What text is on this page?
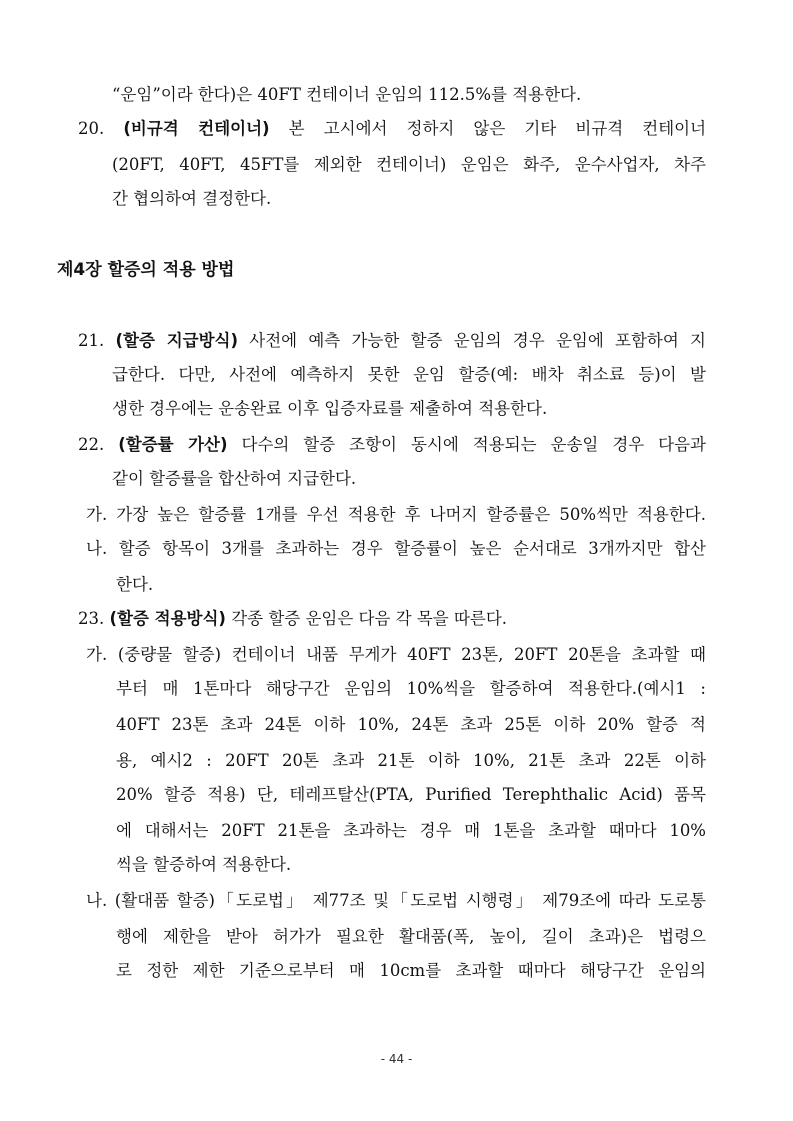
“운임”이라 한다)은 40FT 컨테이너 운임의 112.5%를 적용한다.
20. (비규격 컨테이너) 본 고시에서 정하지 않은 기타 비규격 컨테이너
(20FT, 40FT, 45FT를 제외한 컨테이너) 운임은 화주, 운수사업자, 차주
간 협의하여 결정한다.
제4장 할증의 적용 방법
21. (할증 지급방식) 사전에 예측 가능한 할증 운임의 경우 운임에 포함하여 지
급한다. 다만, 사전에 예측하지 못한 운임 할증(예: 배차 취소료 등)이 발
생한 경우에는 운송완료 이후 입증자료를 제출하여 적용한다.
22. (할증률 가산) 다수의 할증 조항이 동시에 적용되는 운송일 경우 다음과
같이 할증률을 합산하여 지급한다.
가. 가장 높은 할증률 1개를 우선 적용한 후 나머지 할증률은 50%씩만 적용한다.
나. 할증 항목이 3개를 초과하는 경우 할증률이 높은 순서대로 3개까지만 합산
한다.
23. (할증 적용방식) 각종 할증 운임은 다음 각 목을 따른다.
가. (중량물 할증) 컨테이너 내품 무게가 40FT 23톤, 20FT 20톤을 초과할 때
부터 매 1톤마다 해당구간 운임의 10%씩을 할증하여 적용한다.(예시1 :
40FT 23톤 초과 24톤 이하 10%, 24톤 초과 25톤 이하 20% 할증 적
용, 예시2 : 20FT 20톤 초과 21톤 이하 10%, 21톤 초과 22톤 이하
20% 할증 적용) 단, 테레프탈산(PTA, Purified Terephthalic Acid) 품목
에 대해서는 20FT 21톤을 초과하는 경우 매 1톤을 초과할 때마다 10%
씩을 할증하여 적용한다.
나. (활대품 할증)「도로법」 제77조 및「도로법 시행령」 제79조에 따라 도로통
행에 제한을 받아 허가가 필요한 활대품(폭, 높이, 길이 초과)은 법령으
로 정한 제한 기준으로부터 매 10cm를 초과할 때마다 해당구간 운임의
- 44 -
